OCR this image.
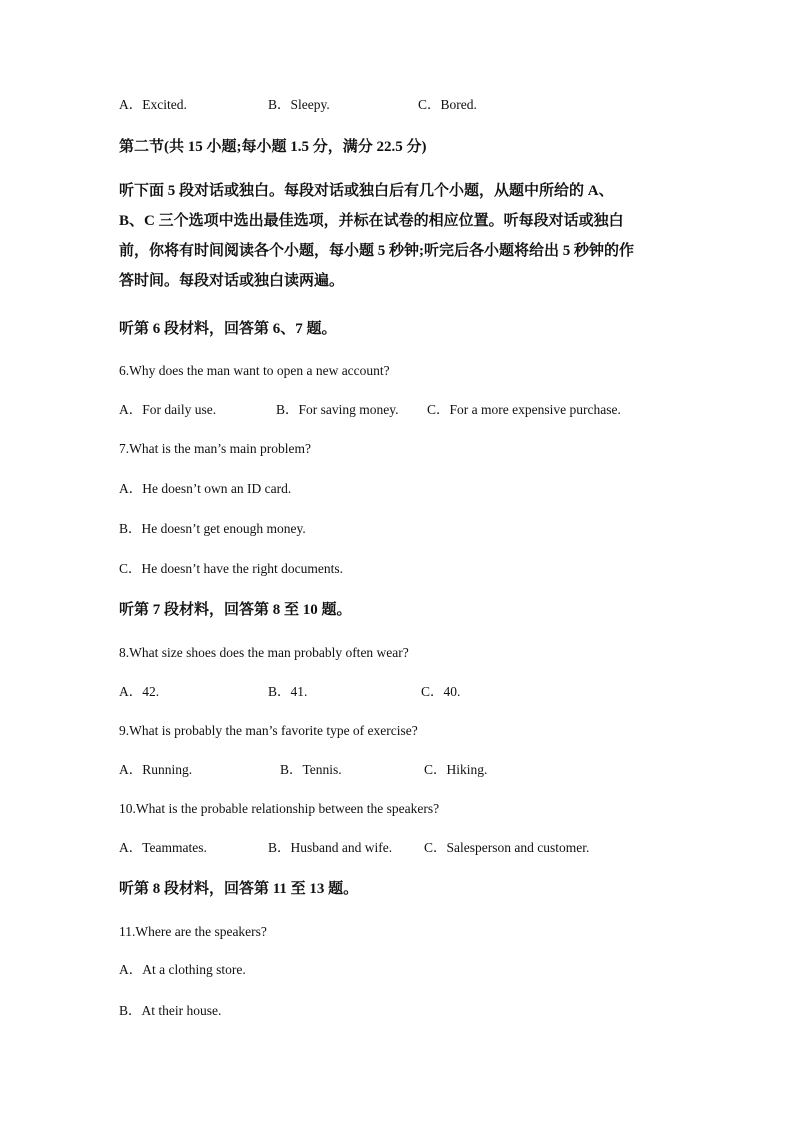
A．Excited.	B．Sleepy.	C．Bored.
第二节(共 15 小题;每小题 1.5 分，满分 22.5 分)
听下面 5 段对话或独白。每段对话或独白后有几个小题，从题中所给的 A、
B、C 三个选项中选出最佳选项，并标在试卷的相应位置。听每段对话或独白
前，你将有时间阅读各个小题，每小题 5 秒钟;听完后各小题将给出 5 秒钟的作
答时间。每段对话或独白读两遍。
听第 6 段材料，回答第 6、7 题。
6.Why does the man want to open a new account?
A．For daily use.	B．For saving money. C．For a more expensive purchase.
7.What is the man’s main problem?
A．He doesn’t own an ID card.
B．He doesn’t get enough money.
C．He doesn’t have the right documents.
听第 7 段材料，回答第 8 至 10 题。
8.What size shoes does the man probably often wear?
A．42.	B．41.	C．40.
9.What is probably the man’s favorite type of exercise?
A．Running.	B．Tennis.	C．Hiking.
10.What is the probable relationship between the speakers?
A．Teammates.	B．Husband and wife. C．Salesperson and customer.
听第 8 段材料，回答第 11 至 13 题。
11.Where are the speakers?
A．At a clothing store.
B．At their house.
